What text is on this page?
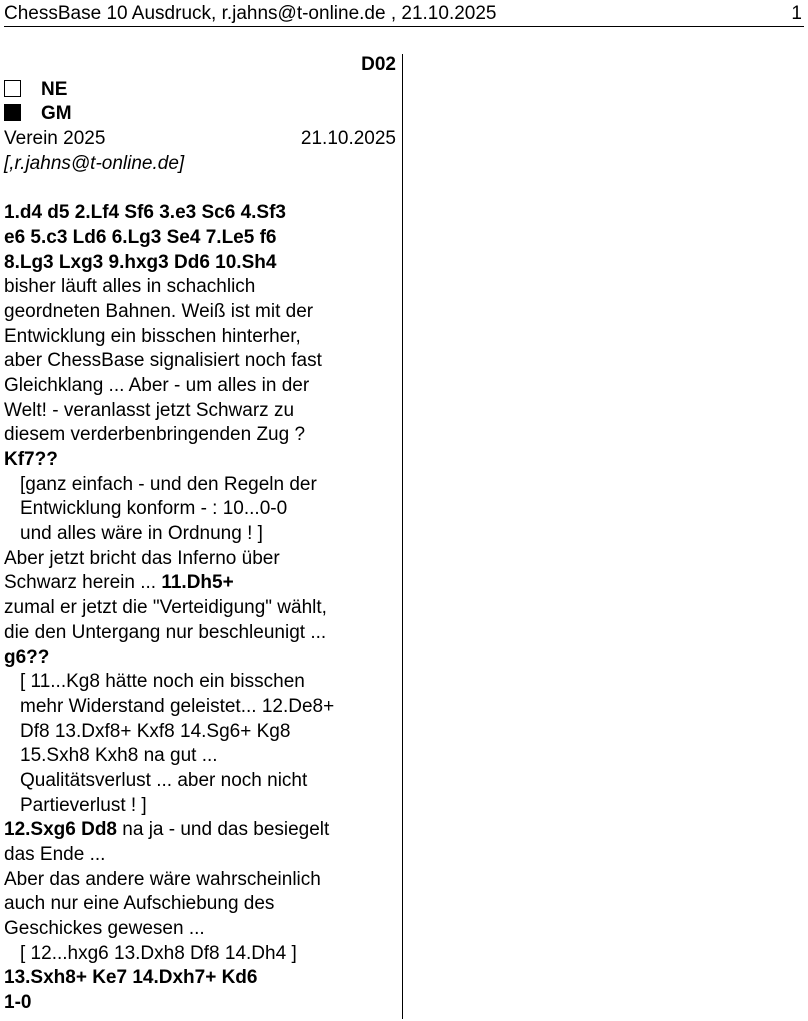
ChessBase 10 Ausdruck, r.jahns@t-online.de , 21.10.2025	1
D02
NE
GM
Verein 2025	21.10.2025
[,r.jahns@t-online.de]
1.d4 d5 2.Lf4 Sf6 3.e3 Sc6 4.Sf3
e6 5.c3 Ld6 6.Lg3 Se4 7.Le5 f6
8.Lg3 Lxg3 9.hxg3 Dd6 10.Sh4
bisher läuft alles in schachlich
geordneten Bahnen. Weiß ist mit der
Entwicklung ein bisschen hinterher,
aber ChessBase signalisiert noch fast
Gleichklang ... Aber - um alles in der
Welt! - veranlasst jetzt Schwarz zu
diesem verderbenbringenden Zug ?
Kf7??
[ganz einfach - und den Regeln der
Entwicklung konform - : 10...0-0
und alles wäre in Ordnung ! ]
Aber jetzt bricht das Inferno über
Schwarz herein ... 11.Dh5+
zumal er jetzt die "Verteidigung" wählt,
die den Untergang nur beschleunigt ...
g6??
[ 11...Kg8 hätte noch ein bisschen
mehr Widerstand geleistet... 12.De8+
Df8 13.Dxf8+ Kxf8 14.Sg6+ Kg8
15.Sxh8 Kxh8 na gut ...
Qualitätsverlust ... aber noch nicht
Partieverlust ! ]
12.Sxg6 Dd8 na ja - und das besiegelt
das Ende ...
Aber das andere wäre wahrscheinlich
auch nur eine Aufschiebung des
Geschickes gewesen ...
[ 12...hxg6 13.Dxh8 Df8 14.Dh4 ]
13.Sxh8+ Ke7 14.Dxh7+ Kd6
1-0
